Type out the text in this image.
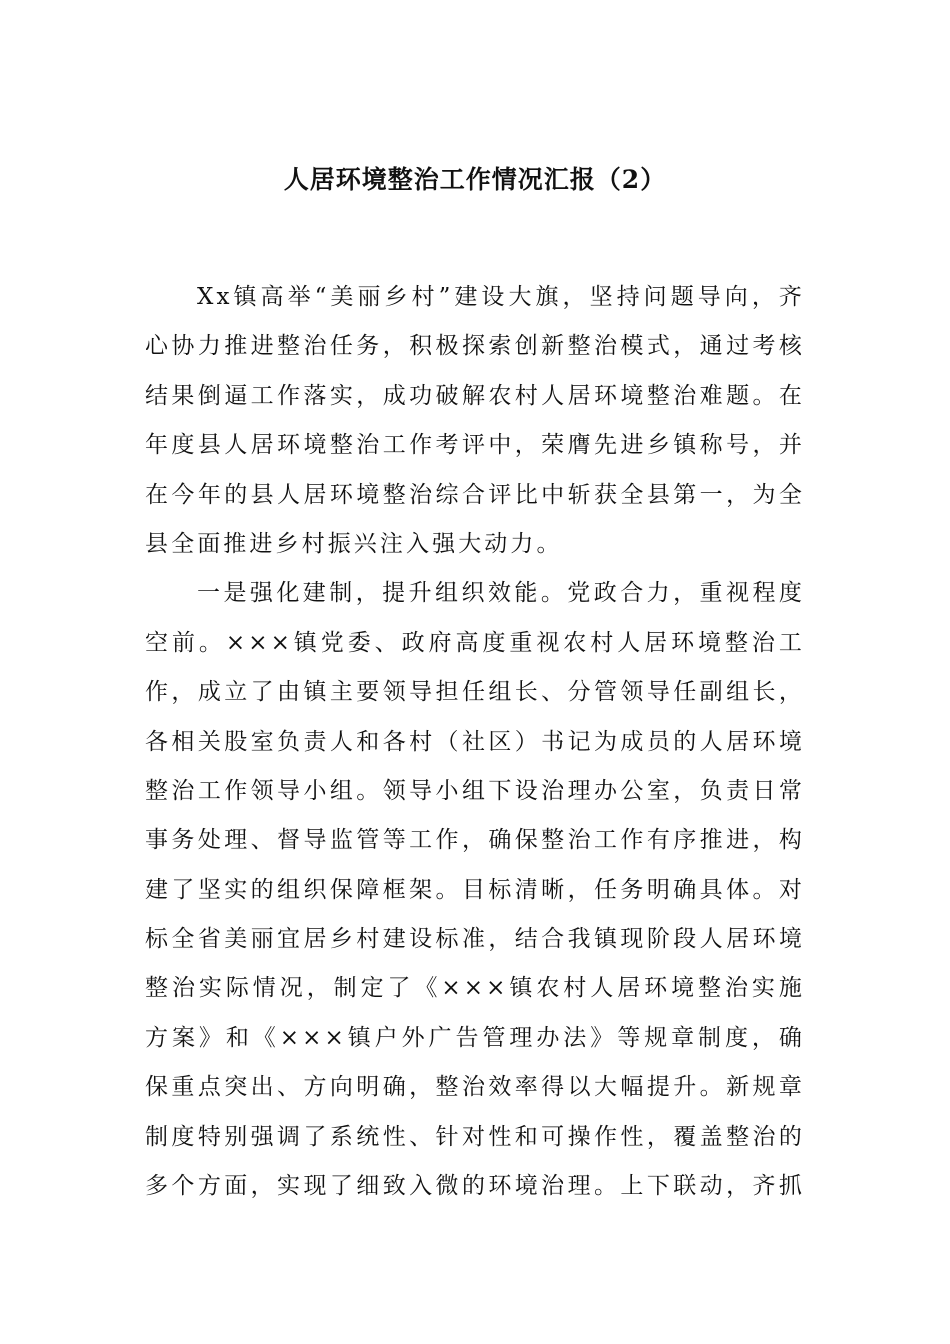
人居环境整治工作情况汇报（2）
Xx镇高举“美丽乡村”建设大旗，坚持问题导向，齐
心协力推进整治任务，积极探索创新整治模式，通过考核
结果倒逼工作落实，成功破解农村人居环境整治难题。在
年度县人居环境整治工作考评中，荣膺先进乡镇称号，并
在今年的县人居环境整治综合评比中斩获全县第一，为全
县全面推进乡村振兴注入强大动力。
一是强化建制，提升组织效能。党政合力，重视程度
空前。×××镇党委、政府高度重视农村人居环境整治工
作，成立了由镇主要领导担任组长、分管领导任副组长，
各相关股室负责人和各村（社区）书记为成员的人居环境
整治工作领导小组。领导小组下设治理办公室，负责日常
事务处理、督导监管等工作，确保整治工作有序推进，构
建了坚实的组织保障框架。目标清晰，任务明确具体。对
标全省美丽宜居乡村建设标准，结合我镇现阶段人居环境
整治实际情况，制定了《×××镇农村人居环境整治实施
方案》和《×××镇户外广告管理办法》等规章制度，确
保重点突出、方向明确，整治效率得以大幅提升。新规章
制度特别强调了系统性、针对性和可操作性，覆盖整治的
多个方面，实现了细致入微的环境治理。上下联动，齐抓
